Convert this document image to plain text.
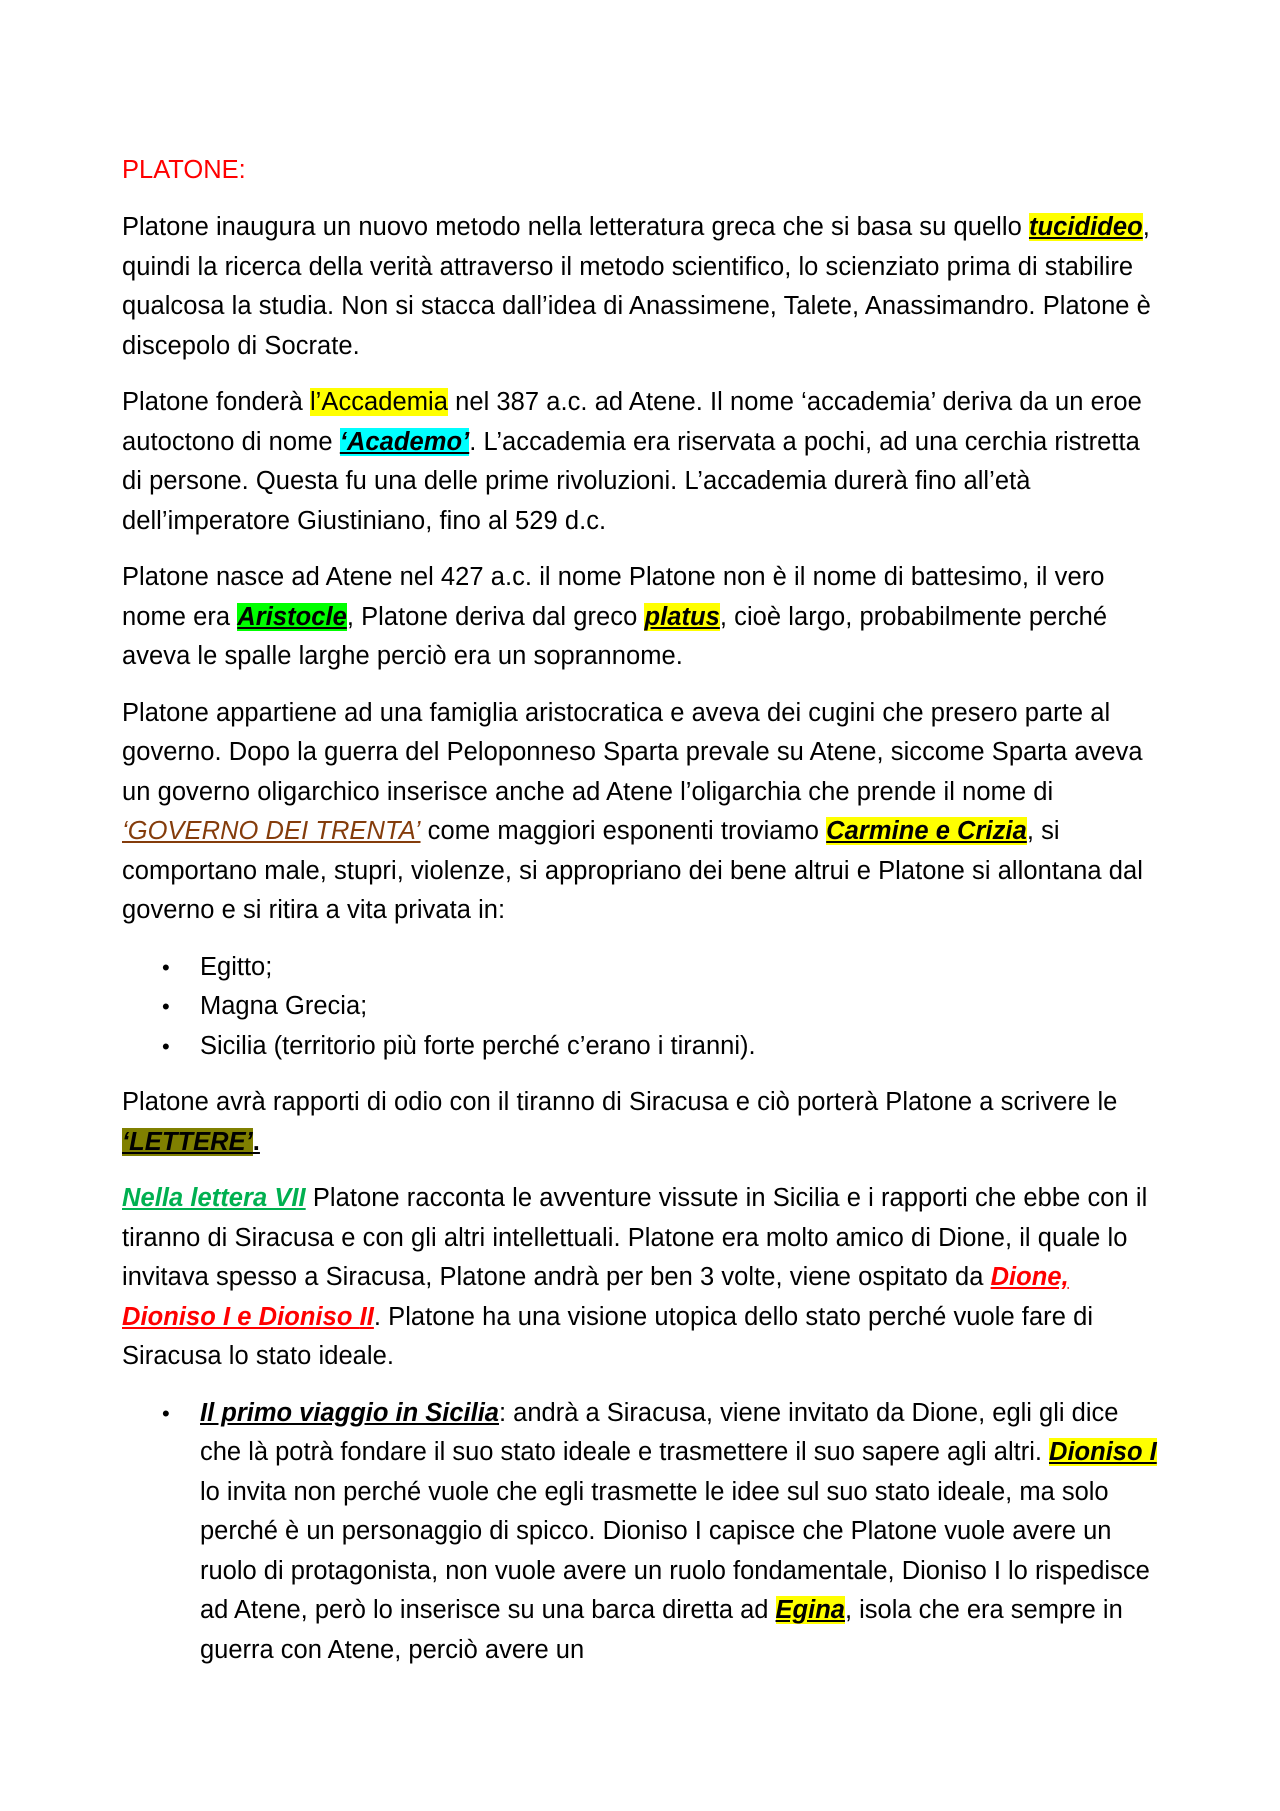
PLATONE:

Platone inaugura un nuovo metodo nella letteratura greca che si basa su quello tucidideo, quindi la ricerca della verità attraverso il metodo scientifico, lo scienziato prima di stabilire qualcosa la studia. Non si stacca dall’idea di Anassimene, Talete, Anassimandro. Platone è discepolo di Socrate.

Platone fonderà l’Accademia nel 387 a.c. ad Atene. Il nome ‘accademia’ deriva da un eroe autoctono di nome ‘Academo’. L’accademia era riservata a pochi, ad una cerchia ristretta di persone. Questa fu una delle prime rivoluzioni. L’accademia durerà fino all’età dell’imperatore Giustiniano, fino al 529 d.c.

Platone nasce ad Atene nel 427 a.c. il nome Platone non è il nome di battesimo, il vero nome era Aristocle, Platone deriva dal greco platus, cioè largo, probabilmente perché aveva le spalle larghe perciò era un soprannome.

Platone appartiene ad una famiglia aristocratica e aveva dei cugini che presero parte al governo. Dopo la guerra del Peloponneso Sparta prevale su Atene, siccome Sparta aveva un governo oligarchico inserisce anche ad Atene l’oligarchia che prende il nome di ‘GOVERNO DEI TRENTA’ come maggiori esponenti troviamo Carmine e Crizia, si comportano male, stupri, violenze, si appropriano dei bene altrui e Platone si allontana dal governo e si ritira a vita privata in:

• Egitto;
• Magna Grecia;
• Sicilia (territorio più forte perché c’erano i tiranni).

Platone avrà rapporti di odio con il tiranno di Siracusa e ciò porterà Platone a scrivere le ‘LETTERE’.

Nella lettera VII Platone racconta le avventure vissute in Sicilia e i rapporti che ebbe con il tiranno di Siracusa e con gli altri intellettuali. Platone era molto amico di Dione, il quale lo invitava spesso a Siracusa, Platone andrà per ben 3 volte, viene ospitato da Dione, Dioniso I e Dioniso II. Platone ha una visione utopica dello stato perché vuole fare di Siracusa lo stato ideale.

• Il primo viaggio in Sicilia: andrà a Siracusa, viene invitato da Dione, egli gli dice che là potrà fondare il suo stato ideale e trasmettere il suo sapere agli altri. Dioniso I lo invita non perché vuole che egli trasmette le idee sul suo stato ideale, ma solo perché è un personaggio di spicco. Dioniso I capisce che Platone vuole avere un ruolo di protagonista, non vuole avere un ruolo fondamentale, Dioniso I lo rispedisce ad Atene, però lo inserisce su una barca diretta ad Egina, isola che era sempre in guerra con Atene, perciò avere un
